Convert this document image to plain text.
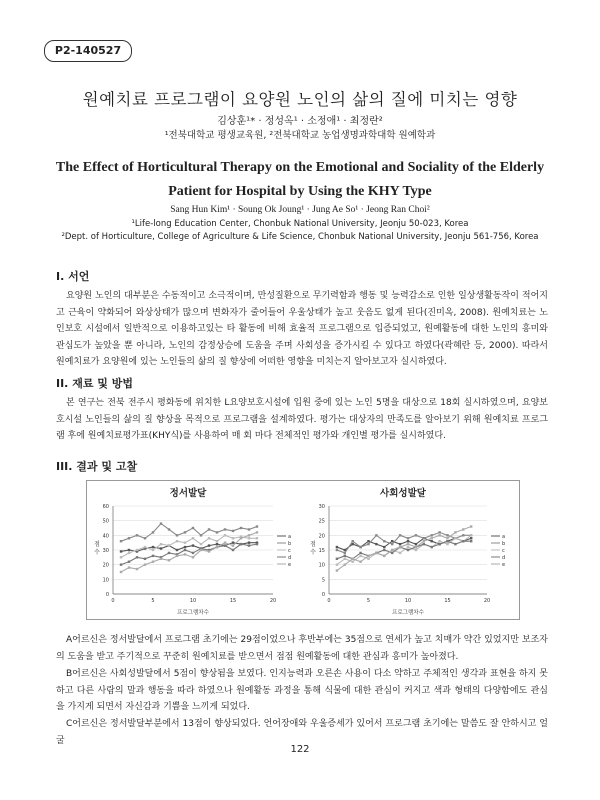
P2-140527
원예치료 프로그램이 요양원 노인의 삶의 질에 미치는 영향
김상훈¹* · 정성옥¹ · 소정애¹ · 최정란²
¹전북대학교 평생교육원, ²전북대학교 농업생명과학대학 원예학과
The Effect of Horticultural Therapy on the Emotional and Sociality of the Elderly Patient for Hospital by Using the KHY Type
Sang Hun Kim¹ · Soung Ok Joung¹ · Jung Ae So¹ · Jeong Ran Choi²
¹Life-long Education Center, Chonbuk National University, Jeonju 50-023, Korea
²Dept. of Horticulture, College of Agriculture & Life Science, Chonbuk National University, Jeonju 561-756, Korea
I. 서언
요양원 노인의 대부분은 수동적이고 소극적이며, 만성질환으로 무기력함과 행동 및 능력감소로 인한 일상생활동작이 적어지고 근육이 약화되어 와상상태가 많으며 변화자가 줄어들어 우울상태가 높고 웃음도 없게 된다(진미옥, 2008). 원예치료는 노인보호 시설에서 일반적으로 이용하고있는 타 활동에 비해 효율적 프로그램으로 입증되었고, 원예활동에 대한 노인의 흥미와 관심도가 높았을 뿐 아니라, 노인의 감정상승에 도움을 주며 사회성을 증가시킬 수 있다고 하였다(곽혜란 등, 2000). 따라서 원예치료가 요양원에 있는 노인들의 삶의 질 향상에 어떠한 영향을 미치는지 알아보고자 실시하였다.
II. 재료 및 방법
본 연구는 전북 전주시 평화동에 위치한 L요양보호시설에 입원 중에 있는 노인 5명을 대상으로 18회 실시하였으며, 요양보호시설 노인들의 삶의 질 향상을 목적으로 프로그램을 설계하였다. 평가는 대상자의 만족도를 알아보기 위해 원예치료 프로그램 후에 원예치료평가표(KHY식)를 사용하여 매 회 마다 전체적인 평가와 개인별 평가를 실시하였다.
III. 결과 및 고찰
정서발달
0
10
20
30
40
50
60
0	5	10	15	20
프로그램차수
점 수
a
b
c
d
e
사회성발달
0
5
10
15
20
25
30
0	5	10	15	20
프로그램차수
점 수
a
b
c
d
e
A어르신은 정서발달에서 프로그램 초기에는 29점이었으나 후반부에는 35점으로 연세가 높고 치매가 약간 있었지만 보조자의 도움을 받고 주기적으로 꾸준히 원예치료를 받으면서 점점 원예활동에 대한 관심과 흥미가 높아졌다.
B어르신은 사회성발달에서 5점이 향상됨을 보였다. 인지능력과 오른손 사용이 다소 약하고 주체적인 생각과 표현을 하지 못하고 다른 사람의 말과 행동을 따라 하였으나 원예활동 과정을 통해 식물에 대한 관심이 커지고 색과 형태의 다양함에도 관심을 가지게 되면서 자신감과 기쁨을 느끼게 되었다.
C어르신은 정서발달부분에서 13점이 향상되었다. 언어장애와 우울증세가 있어서 프로그램 초기에는 말씀도 잘 안하시고 얼굴
122
